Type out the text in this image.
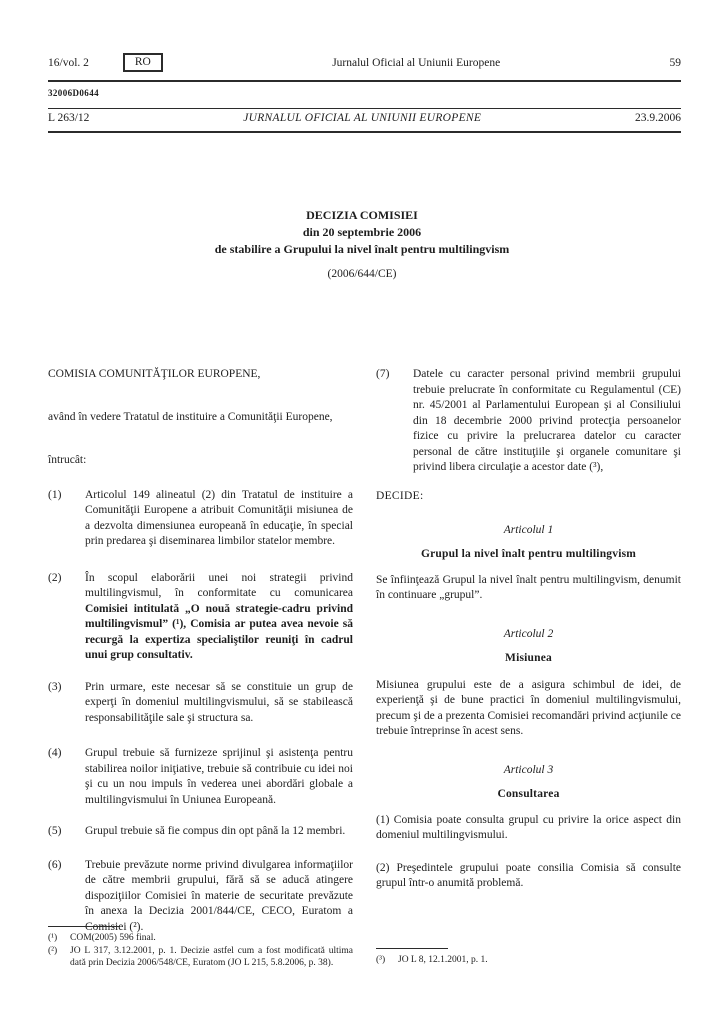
16/vol. 2	RO	Jurnalul Oficial al Uniunii Europene	59
32006D0644
L 263/12	JURNALUL OFICIAL AL UNIUNII EUROPENE	23.9.2006
DECIZIA COMISIEI
din 20 septembrie 2006
de stabilire a Grupului la nivel înalt pentru multilingvism
(2006/644/CE)
COMISIA COMUNITĂŢILOR EUROPENE,
având în vedere Tratatul de instituire a Comunităţii Europene,
întrucât:
(1)	Articolul 149 alineatul (2) din Tratatul de instituire a Comunităţii Europene a atribuit Comunităţii misiunea de a dezvolta dimensiunea europeană în educaţie, în special prin predarea şi diseminarea limbilor statelor membre.
(2)	În scopul elaborării unei noi strategii privind multilingvismul, în conformitate cu comunicarea Comisiei intitulată „O nouă strategie-cadru privind multilingvismul” (¹), Comisia ar putea avea nevoie să recurgă la expertiza specialiştilor reuniţi în cadrul unui grup consultativ.
(3)	Prin urmare, este necesar să se constituie un grup de experţi în domeniul multilingvismului, să se stabilească responsabilităţile sale şi structura sa.
(4)	Grupul trebuie să furnizeze sprijinul şi asistenţa pentru stabilirea noilor iniţiative, trebuie să contribuie cu idei noi şi cu un nou impuls în vederea unei abordări globale a multilingvismului în Uniunea Europeană.
(5)	Grupul trebuie să fie compus din opt până la 12 membri.
(6)	Trebuie prevăzute norme privind divulgarea informaţiilor de către membrii grupului, fără să se aducă atingere dispoziţiilor Comisiei în materie de securitate prevăzute în anexa la Decizia 2001/844/CE, CECO, Euratom a Comisiei (²).
(¹)	COM(2005) 596 final.
(²)	JO L 317, 3.12.2001, p. 1. Decizie astfel cum a fost modificată ultima dată prin Decizia 2006/548/CE, Euratom (JO L 215, 5.8.2006, p. 38).
(7)	Datele cu caracter personal privind membrii grupului trebuie prelucrate în conformitate cu Regulamentul (CE) nr. 45/2001 al Parlamentului European şi al Consiliului din 18 decembrie 2000 privind protecţia persoanelor fizice cu privire la prelucrarea datelor cu caracter personal de către instituţiile şi organele comunitare şi privind libera circulaţie a acestor date (³),
DECIDE:
Articolul 1
Grupul la nivel înalt pentru multilingvism
Se înfiinţează Grupul la nivel înalt pentru multilingvism, denumit în continuare „grupul”.
Articolul 2
Misiunea
Misiunea grupului este de a asigura schimbul de idei, de experienţă şi de bune practici în domeniul multilingvismului, precum şi de a prezenta Comisiei recomandări privind acţiunile ce trebuie întreprinse în acest sens.
Articolul 3
Consultarea
(1) Comisia poate consulta grupul cu privire la orice aspect din domeniul multilingvismului.
(2) Preşedintele grupului poate consilia Comisia să consulte grupul într-o anumită problemă.
(³)	JO L 8, 12.1.2001, p. 1.
